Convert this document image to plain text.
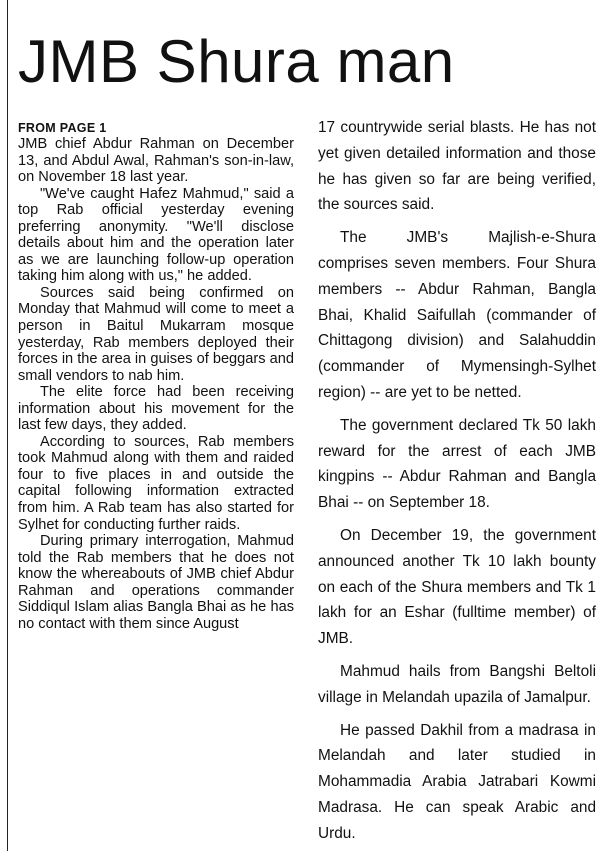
JMB Shura man
FROM PAGE 1

JMB chief Abdur Rahman on December 13, and Abdul Awal, Rahman's son-in-law, on November 18 last year.

"We've caught Hafez Mahmud," said a top Rab official yesterday evening preferring anonymity. "We'll disclose details about him and the operation later as we are launching follow-up operation taking him along with us," he added.

Sources said being confirmed on Monday that Mahmud will come to meet a person in Baitul Mukarram mosque yesterday, Rab members deployed their forces in the area in guises of beggars and small vendors to nab him.

The elite force had been receiving information about his movement for the last few days, they added.

According to sources, Rab members took Mahmud along with them and raided four to five places in and outside the capital following information extracted from him. A Rab team has also started for Sylhet for conducting further raids.

During primary interrogation, Mahmud told the Rab members that he does not know the whereabouts of JMB chief Abdur Rahman and operations commander Siddiqul Islam alias Bangla Bhai as he has no contact with them since August

17 countrywide serial blasts. He has not yet given detailed information and those he has given so far are being verified, the sources said.

The JMB's Majlish-e-Shura comprises seven members. Four Shura members -- Abdur Rahman, Bangla Bhai, Khalid Saifullah (commander of Chittagong division) and Salahuddin (commander of Mymensingh-Sylhet region) -- are yet to be netted.

The government declared Tk 50 lakh reward for the arrest of each JMB kingpins -- Abdur Rahman and Bangla Bhai -- on September 18.

On December 19, the government announced another Tk 10 lakh bounty on each of the Shura members and Tk 1 lakh for an Eshar (fulltime member) of JMB.

Mahmud hails from Bangshi Beltoli village in Melandah upazila of Jamalpur.

He passed Dakhil from a madrasa in Melandah and later studied in Mohammadia Arabia Jatrabari Kowmi Madrasa. He can speak Arabic and Urdu.
